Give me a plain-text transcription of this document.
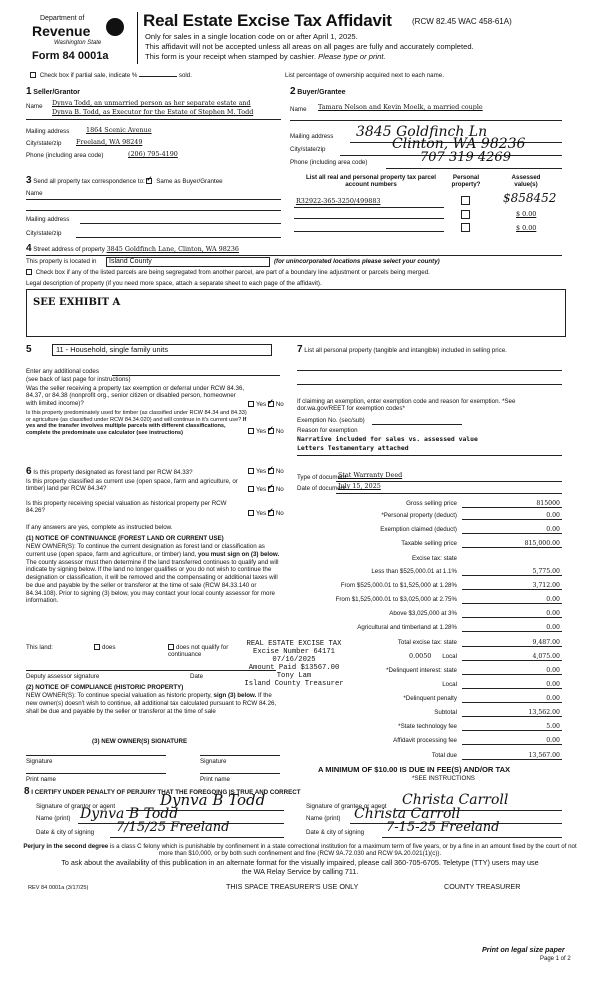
Department of
Revenue
Washington State
Form 84 0001a
Real Estate Excise Tax Affidavit	(RCW 82.45 WAC 458-61A)
Only for sales in a single location code on or after April 1, 2025.
This affidavit will not be accepted unless all areas on all pages are fully and accurately completed.
This form is your receipt when stamped by cashier. Please type or print.
Check box if partial sale, indicate %	sold.	List percentage of ownership acquired next to each name.
1 Seller/Grantor
Name Dynva Todd, an unmarried person as her separate estate and
Dynva B. Todd, as Executor for the Estate of Stephen M. Todd
Mailing address	1864 Scenic Avenue
City/state/zip Freeland, WA 98249
Phone (including area code)	(206) 795-4190
2 Buyer/Grantee
Name Tamara Nelson and Kevin Moelk, a married couple
Mailing address 3845 Goldfinch Ln
City/state/zip	Clinton, WA 98236
Phone (including area code)	707 319 4269
3 Send all property tax correspondence to: ✓ Same as Buyer/Grantee
Name
Mailing address
City/state/zip
List all real and personal property tax parcel account numbers
Personal property?
Assessed value(s)
R32922-365-3250/499883	$858452
$ 0.00
$ 0.00
4 Street address of property 3845 Goldfinch Lane, Clinton, WA 98236
This property is located in	Island County	(for unincorporated locations please select your county)
Check box if any of the listed parcels are being segregated from another parcel, are part of a boundary line adjustment or parcels being merged.
Legal description of property (if you need more space, attach a separate sheet to each page of the affidavit).
SEE EXHIBIT A
5	11 - Household, single family units
Enter any additional codes
(see back of last page for instructions)
Was the seller receiving a property tax exemption or deferral under RCW 84.36, 84.37, or 84.38 (nonprofit org., senior citizen or disabled person, homeowner with limited income)?	Yes ✓ No
Is this property predominately used for timber (as classified under RCW 84.34 and 84.33) or agriculture (as classified under RCW 84.34.020) and will continue in it's current use? If yes and the transfer involves multiple parcels with different classifications, complete the predominate use calculator (see instructions)	Yes ✓ No
7 List all personal property (tangible and intangible) included in selling price.
If claiming an exemption, enter exemption code and reason for exemption. *See dor.wa.gov/REET for exemption codes*
Exemption No. (sec/sub)
Reason for exemption
Narrative included for sales vs. assessed value
Letters Testamentary attached
6 Is this property designated as forest land per RCW 84.33?	Yes ✓ No
Is this property classified as current use (open space, farm and agriculture, or timber) land per RCW 84.34?	Yes ✓ No
Is this property receiving special valuation as historical property per RCW 84.26?	Yes ✓ No
If any answers are yes, complete as instructed below.
(1) NOTICE OF CONTINUANCE (FOREST LAND OR CURRENT USE)
NEW OWNER(S): To continue the current designation as forest land or classification as current use (open space, farm and agriculture, or timber) land, you must sign on (3) below. The county assessor must then determine if the land transferred continues to qualify and will indicate by signing below. If the land no longer qualifies or you do not wish to continue the designation or classification, it will be removed and the compensating or additional taxes will be due and payable by the seller or transferor at the time of sale (RCW 84.33.140 or 84.34.108). Prior to signing (3) below, you may contact your local county assessor for more information.
This land:	does	does not qualify for continuance
Deputy assessor signature	Date
(2) NOTICE OF COMPLIANCE (HISTORIC PROPERTY)
NEW OWNER(S): To continue special valuation as historic property, sign (3) below. If the new owner(s) doesn't wish to continue, all additional tax calculated pursuant to RCW 84.26, shall be due and payable by the seller or transferor at the time of sale
(3) NEW OWNER(S) SIGNATURE
Signature	Signature
Print name	Print name
Type of document
Stat Warranty Deed
Date of document
July 15, 2025
Gross selling price	815000
*Personal property (deduct)	0.00
Exemption claimed (deduct)	0.00
Taxable selling price	815,000.00
Excise tax: state
Less than $525,000.01 at 1.1%	5,775.00
From $525,000.01 to $1,525,000 at 1.28%	3,712.00
From $1,525,000.01 to $3,025,000 at 2.75%	0.00
Above $3,025,000 at 3%	0.00
Agricultural and timberland at 1.28%	0.00
Total excise tax: state	9,487.00
0.0050 Local	4,075.00
*Delinquent interest: state	0.00
Local	0.00
*Delinquent penalty	0.00
Subtotal	13,562.00
*State technology fee	5.00
Affidavit processing fee	0.00
Total due	13,567.00
A MINIMUM OF $10.00 IS DUE IN FEE(S) AND/OR TAX
*SEE INSTRUCTIONS
REAL ESTATE EXCISE TAX
Excise Number 64171
07/16/2025
Amount Paid $13567.00
Tony Lam
Island County Treasurer
8 I CERTIFY UNDER PENALTY OF PERJURY THAT THE FOREGOING IS TRUE AND CORRECT
Signature of grantor or agent	Dynva B Todd
Name (print) Dynva B Todd
Date & city of signing 7/15/25 Freeland
Signature of grantee or agent Christa Carroll
Name (print) Christa Carroll
Date & city of signing 7-15-25 Freeland
Perjury in the second degree is a class C felony which is punishable by confinement in a state correctional institution for a maximum term of five years, or by a fine in an amount fixed by the court of not more than $10,000, or by both such confinement and fine (RCW 9A.72.030 and RCW 9A.20.021(1)(c)).
To ask about the availability of this publication in an alternate format for the visually impaired, please call 360-705-6705. Teletype (TTY) users may use the WA Relay Service by calling 711.
REV 84 0001a (3/17/25)	THIS SPACE TREASURER'S USE ONLY	COUNTY TREASURER
Print on legal size paper
Page 1 of 2
